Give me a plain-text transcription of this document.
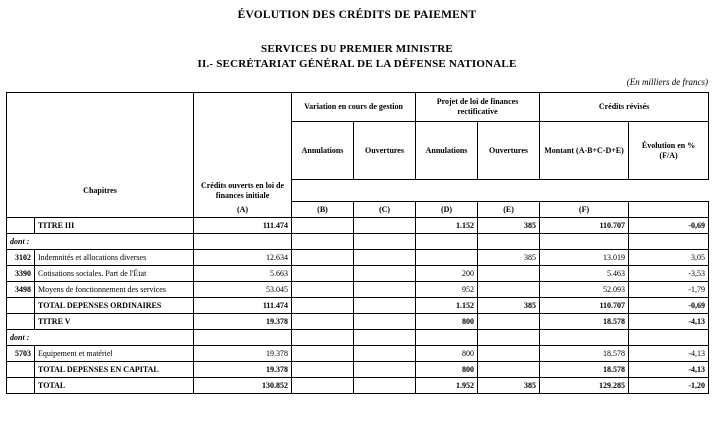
ÉVOLUTION DES CRÉDITS DE PAIEMENT
SERVICES DU PREMIER MINISTRE
II.- SECRÉTARIAT GÉNÉRAL DE LA DÉFENSE NATIONALE
(En milliers de francs)
			Variation en cours de gestion		Projet de loi de finances rectificative		Crédits révisés	
			Annulations	Ouvertures	Annulations	Ouvertures	Montant (A-B+C-D+E)	Évolution en % (F/A)
Chapitres		Crédits ouverts en loi de finances initiale						
		(A)	(B)	(C)	(D)	(E)	(F)	
	TITRE III	111.474			1.152	385	110.707	-0,69
dont :								
3102	Indemnités et allocations diverses	12.634				385	13.019	3,05
3390	Cotisations sociales. Part de l'État	5.663			200		5.463	-3,53
3498	Moyens de fonctionnement des services	53.045			952		52.093	-1,79
	TOTAL DEPENSES ORDINAIRES	111.474			1.152	385	110.707	-0,69
	TITRE V	19.378			800		18.578	-4,13
dont :								
5703	Equipement et matériel	19.378			800		18.578	-4,13
	TOTAL DEPENSES EN CAPITAL	19.378			800		18.578	-4,13
	TOTAL	130.852			1.952	385	129.285	-1,20
